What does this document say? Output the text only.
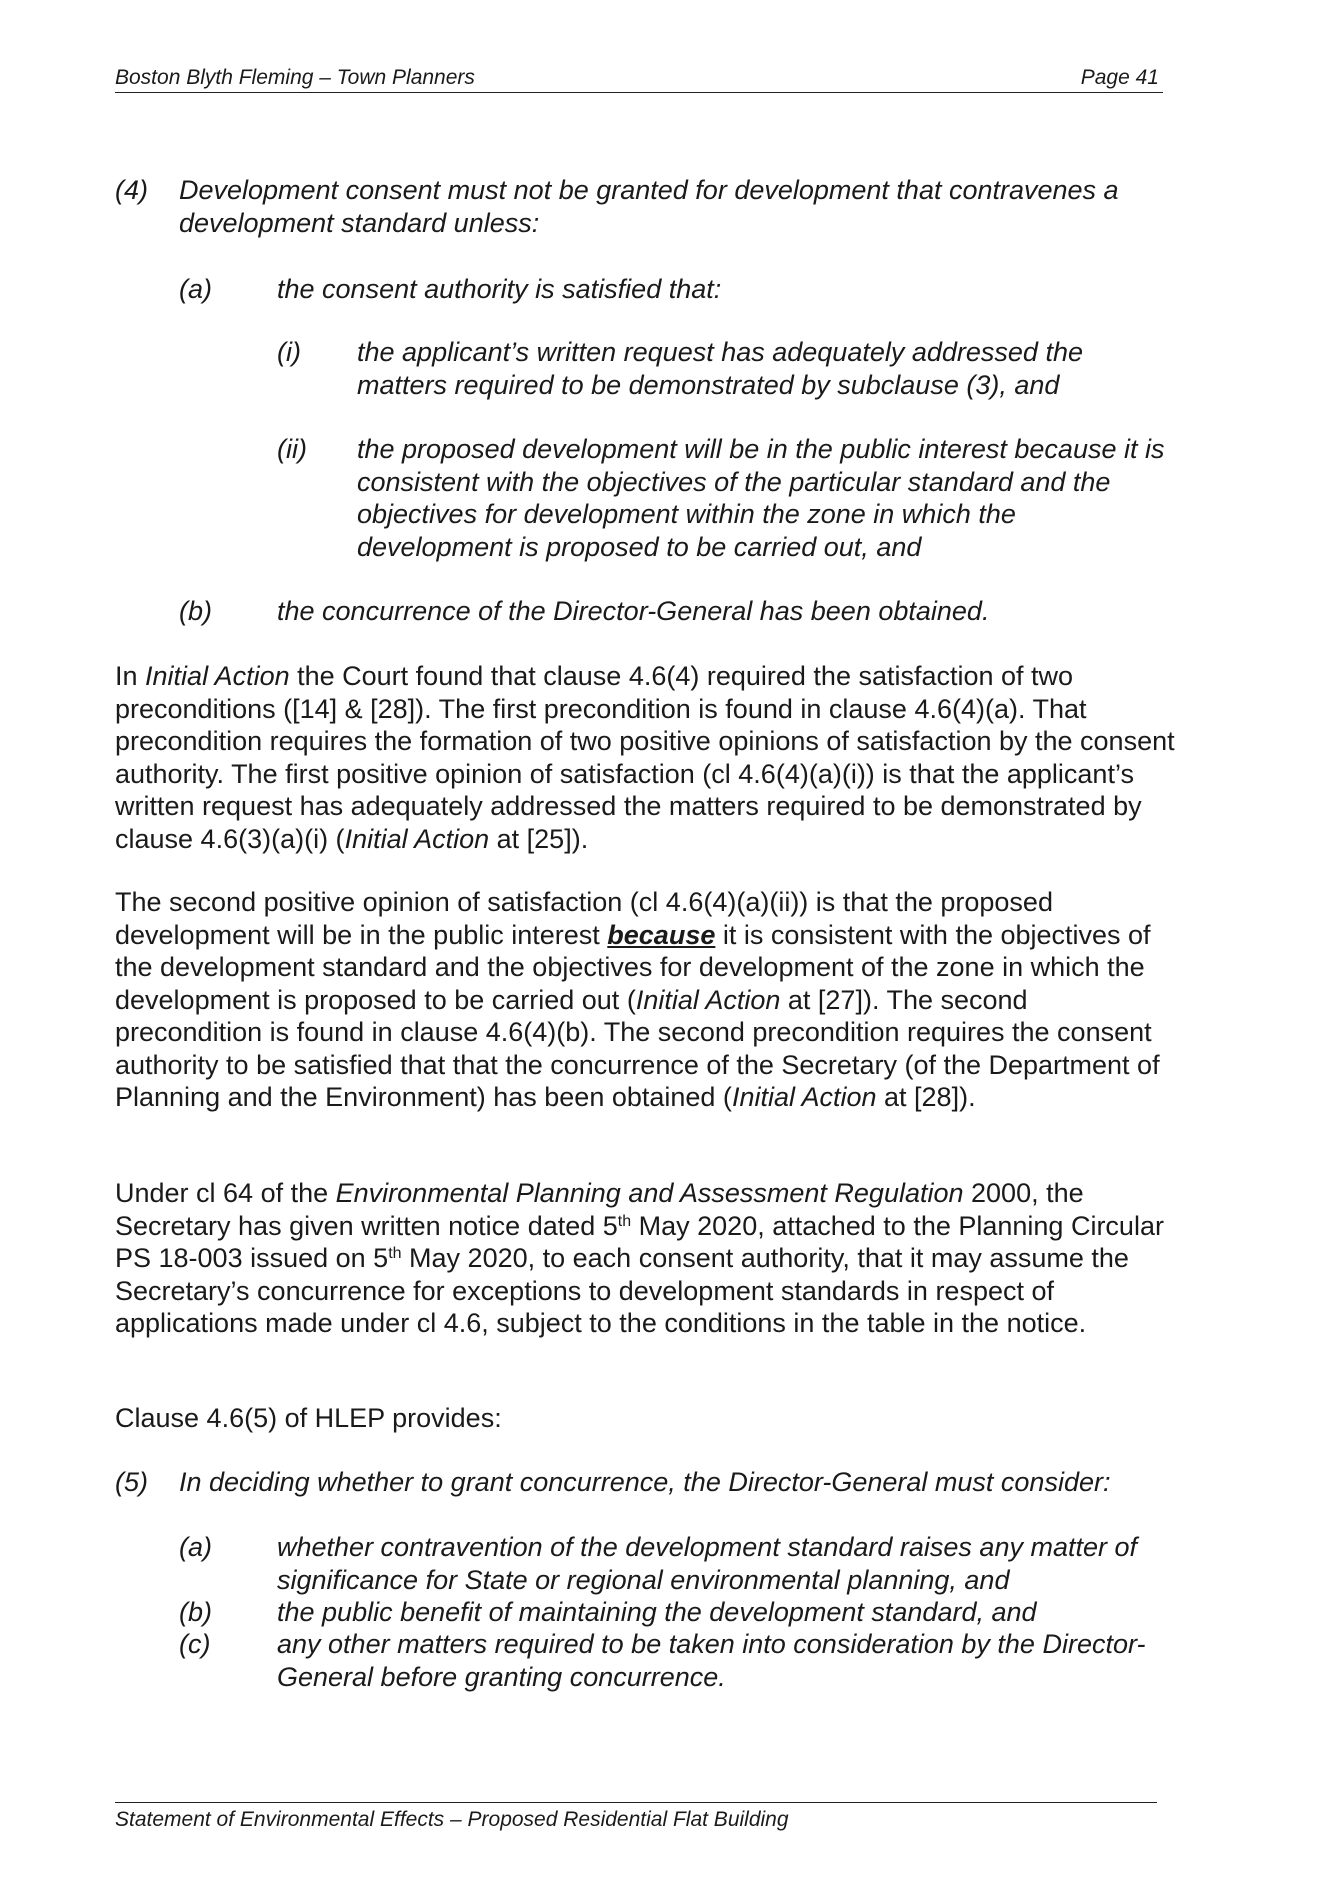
Boston Blyth Fleming – Town Planners	Page 41
(4) Development consent must not be granted for development that contravenes a development standard unless:
(a) the consent authority is satisfied that:
(i) the applicant’s written request has adequately addressed the matters required to be demonstrated by subclause (3), and
(ii) the proposed development will be in the public interest because it is consistent with the objectives of the particular standard and the objectives for development within the zone in which the development is proposed to be carried out, and
(b) the concurrence of the Director-General has been obtained.
In Initial Action the Court found that clause 4.6(4) required the satisfaction of two preconditions ([14] & [28]). The first precondition is found in clause 4.6(4)(a). That precondition requires the formation of two positive opinions of satisfaction by the consent authority. The first positive opinion of satisfaction (cl 4.6(4)(a)(i)) is that the applicant’s written request has adequately addressed the matters required to be demonstrated by clause 4.6(3)(a)(i) (Initial Action at [25]).
The second positive opinion of satisfaction (cl 4.6(4)(a)(ii)) is that the proposed development will be in the public interest because it is consistent with the objectives of the development standard and the objectives for development of the zone in which the development is proposed to be carried out (Initial Action at [27]). The second precondition is found in clause 4.6(4)(b). The second precondition requires the consent authority to be satisfied that that the concurrence of the Secretary (of the Department of Planning and the Environment) has been obtained (Initial Action at [28]).
Under cl 64 of the Environmental Planning and Assessment Regulation 2000, the Secretary has given written notice dated 5th May 2020, attached to the Planning Circular PS 18-003 issued on 5th May 2020, to each consent authority, that it may assume the Secretary’s concurrence for exceptions to development standards in respect of applications made under cl 4.6, subject to the conditions in the table in the notice.
Clause 4.6(5) of HLEP provides:
(5) In deciding whether to grant concurrence, the Director-General must consider:
(a) whether contravention of the development standard raises any matter of significance for State or regional environmental planning, and
(b) the public benefit of maintaining the development standard, and
(c) any other matters required to be taken into consideration by the Director-General before granting concurrence.
Statement of Environmental Effects – Proposed Residential Flat Building
